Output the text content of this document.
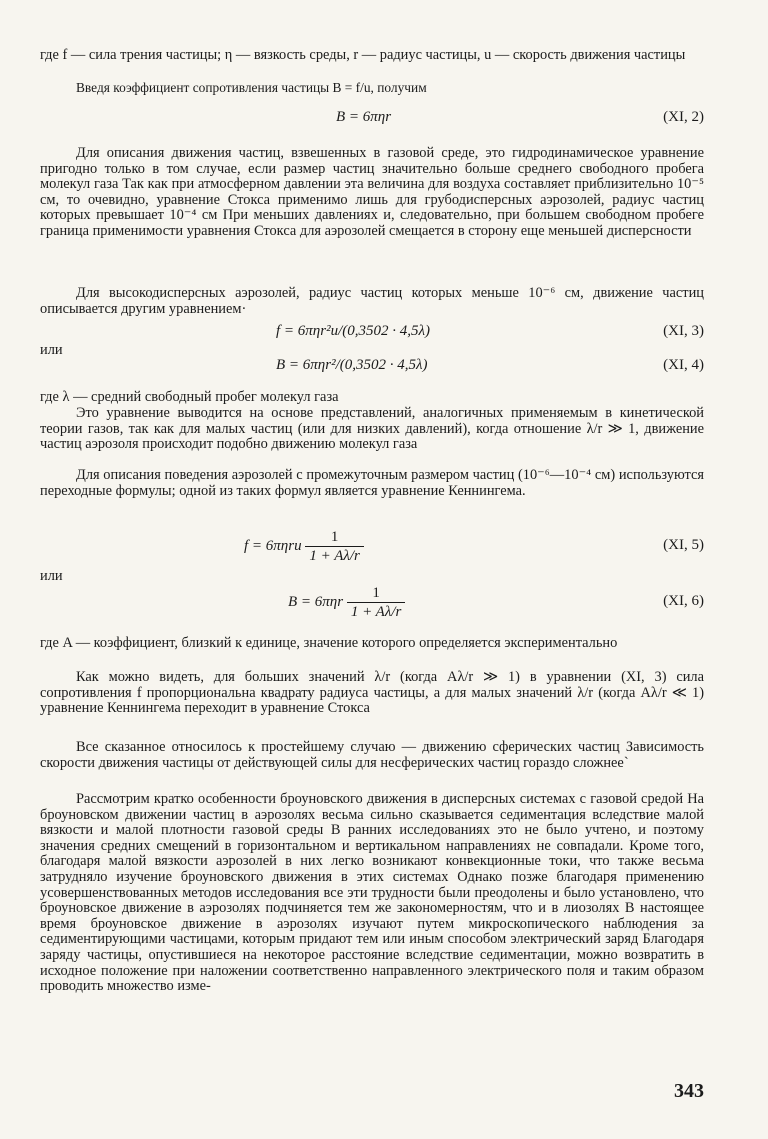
где f — сила трения частицы; η — вязкость среды, r — радиус частицы, u — скорость движения частицы

Введя коэффициент сопротивления частицы B = f/u, получим

B = 6πηr	(XI, 2)

Для описания движения частиц, взвешенных в газовой среде, это гидродинамическое уравнение пригодно только в том случае, если размер частиц значительно больше среднего свободного пробега молекул газа Так как при атмосферном давлении эта величина для воздуха составляет приблизительно 10⁻⁵ см, то очевидно, уравнение Стокса применимо лишь для грубодисперсных аэрозолей, радиус частиц которых превышает 10⁻⁴ см При меньших давлениях и, следовательно, при большем свободном пробеге граница применимости уравнения Стокса для аэрозолей смещается в сторону еще меньшей дисперсности

Для высокодисперсных аэрозолей, радиус частиц которых меньше 10⁻⁶ см, движение частиц описывается другим уравнением·

f = 6πηr²u/(0,3502 · 4,5λ)	(XI, 3)
или
B = 6πηr²/(0,3502 · 4,5λ)	(XI, 4)

где λ — средний свободный пробег молекул газа

Это уравнение выводится на основе представлений, аналогичных применяемым в кинетической теории газов, так как для малых частиц (или для низких давлений), когда отношение λ/r ≫ 1, движение частиц аэрозоля происходит подобно движению молекул газа

Для описания поведения аэрозолей с промежуточным размером частиц (10⁻⁶—10⁻⁴ см) используются переходные формулы; одной из таких формул является уравнение Кеннингема.

$f = 6\pi\eta ru \frac{1}{1 + A\lambda/r}$	(XI, 5)
или
$B = 6\pi\eta r \frac{1}{1 + A\lambda/r}$	(XI, 6)

где A — коэффициент, близкий к единице, значение которого определяется экспериментально

Как можно видеть, для больших значений λ/r (когда Aλ/r ≫ 1) в уравнении (XI, 3) сила сопротивления f пропорциональна квадрату радиуса частицы, а для малых значений λ/r (когда Aλ/r ≪ 1) уравнение Кеннингема переходит в уравнение Стокса

Все сказанное относилось к простейшему случаю — движению сферических частиц Зависимость скорости движения частицы от действующей силы для несферических частиц гораздо сложнее`

Рассмотрим кратко особенности броуновского движения в дисперсных системах с газовой средой На броуновском движении частиц в аэрозолях весьма сильно сказывается седиментация вследствие малой вязкости и малой плотности газовой среды В ранних исследованиях это не было учтено, и поэтому значения средних смещений в горизонтальном и вертикальном направлениях не совпадали. Кроме того, благодаря малой вязкости аэрозолей в них легко возникают конвекционные токи, что также весьма затрудняло изучение броуновского движения в этих системах Однако позже благодаря применению усовершенствованных методов исследования все эти трудности были преодолены и было установлено, что броуновское движение в аэрозолях подчиняется тем же закономерностям, что и в лиозолях В настоящее время броуновское движение в аэрозолях изучают путем микроскопического наблюдения за седиментирующими частицами, которым придают тем или иным способом электрический заряд Благодаря заряду частицы, опустившиеся на некоторое расстояние вследствие седиментации, можно возвратить в исходное положение при наложении соответственно направленного электрического поля и таким образом проводить множество изме-

343
